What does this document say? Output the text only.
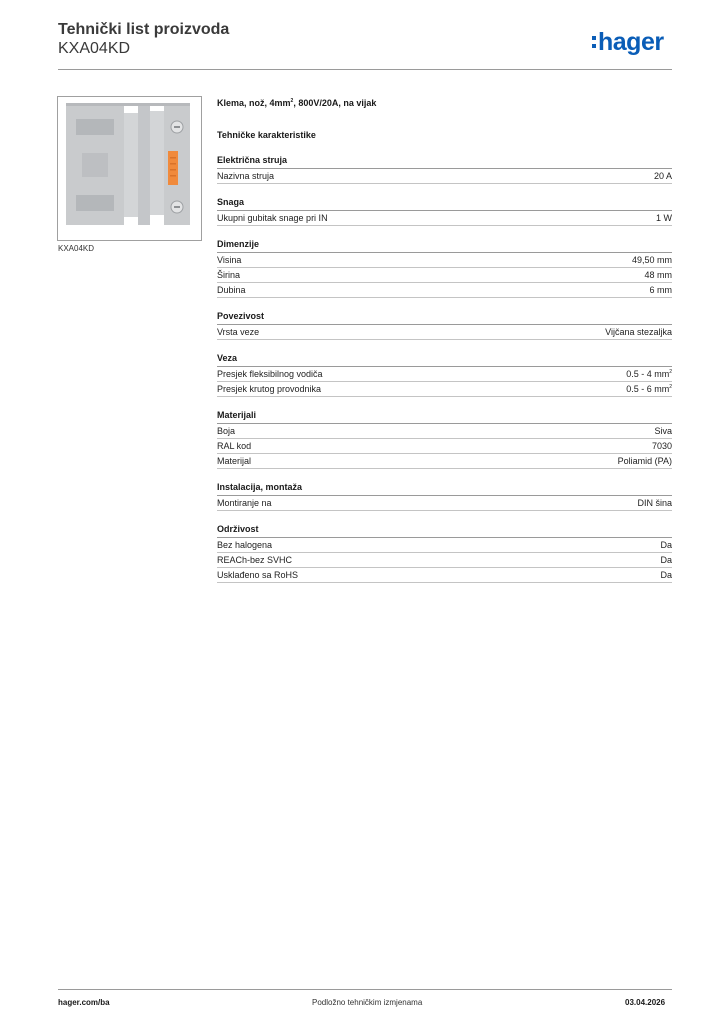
Tehnički list proizvoda
KXA04KD	hager
KXA04KD
Klema, nož, $4mm^2$, 800V/20A, na vijak
Tehničke karakteristike
Električna struja
Nazivna struja	20 A
Snaga
Ukupni gubitak snage pri IN	1 W
Dimenzije
Visina	49,50 mm
Širina	48 mm
Dubina	6 mm
Povezivost
Vrsta veze	Vijčana stezaljka
Veza
Presjek fleksibilnog vodiča	0.5 - 4 $mm^2$
Presjek krutog provodnika	0.5 - 6 $mm^2$
Materijali
Boja	Siva
RAL kod	7030
Materijal	Poliamid (PA)
Instalacija, montaža
Montiranje na	DIN šina
Održivost
Bez halogena	Da
REACh-bez SVHC	Da
Usklađeno sa RoHS	Da
hager.com/ba	Podložno tehničkim izmjenama	03.04.2026
